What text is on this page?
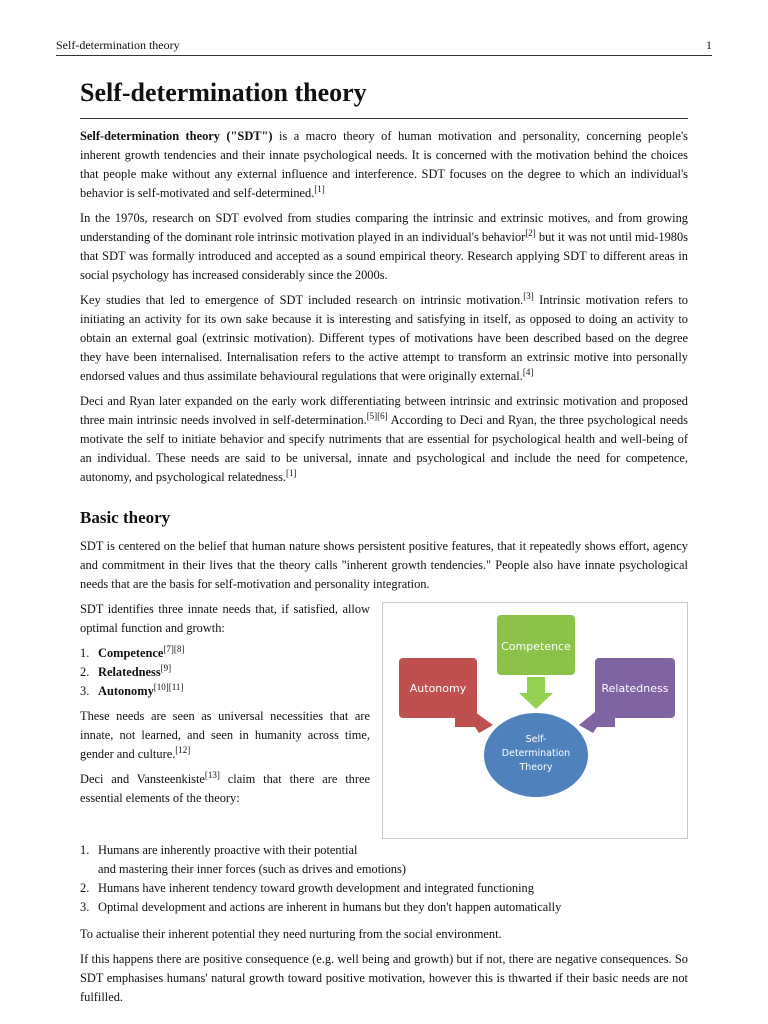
Self-determination theory	1
Self-determination theory

Self-determination theory ("SDT") is a macro theory of human motivation and personality, concerning people's inherent growth tendencies and their innate psychological needs. It is concerned with the motivation behind the choices that people make without any external influence and interference. SDT focuses on the degree to which an individual's behavior is self-motivated and self-determined.[1]

In the 1970s, research on SDT evolved from studies comparing the intrinsic and extrinsic motives, and from growing understanding of the dominant role intrinsic motivation played in an individual's behavior[2] but it was not until mid-1980s that SDT was formally introduced and accepted as a sound empirical theory. Research applying SDT to different areas in social psychology has increased considerably since the 2000s.

Key studies that led to emergence of SDT included research on intrinsic motivation.[3] Intrinsic motivation refers to initiating an activity for its own sake because it is interesting and satisfying in itself, as opposed to doing an activity to obtain an external goal (extrinsic motivation). Different types of motivations have been described based on the degree they have been internalised. Internalisation refers to the active attempt to transform an extrinsic motive into personally endorsed values and thus assimilate behavioural regulations that were originally external.[4]

Deci and Ryan later expanded on the early work differentiating between intrinsic and extrinsic motivation and proposed three main intrinsic needs involved in self-determination.[5][6] According to Deci and Ryan, the three psychological needs motivate the self to initiate behavior and specify nutriments that are essential for psychological health and well-being of an individual. These needs are said to be universal, innate and psychological and include the need for competence, autonomy, and psychological relatedness.[1]

Basic theory

SDT is centered on the belief that human nature shows persistent positive features, that it repeatedly shows effort, agency and commitment in their lives that the theory calls "inherent growth tendencies." People also have innate psychological needs that are the basis for self-motivation and personality integration.

SDT identifies three innate needs that, if satisfied, allow optimal function and growth:

1. Competence[7][8]
2. Relatedness[9]
3. Autonomy[10][11]

These needs are seen as universal necessities that are innate, not learned, and seen in humanity across time, gender and culture.[12]

Deci and Vansteenkiste[13] claim that there are three essential elements of the theory:

Competence
Autonomy	Relatedness
Self-
Determination
Theory
1. Humans are inherently proactive with their potential
and mastering their inner forces (such as drives and emotions)
2. Humans have inherent tendency toward growth development and integrated functioning
3. Optimal development and actions are inherent in humans but they don't happen automatically

To actualise their inherent potential they need nurturing from the social environment.

If this happens there are positive consequence (e.g. well being and growth) but if not, there are negative consequences. So SDT emphasises humans' natural growth toward positive motivation, however this is thwarted if their basic needs are not fulfilled.
